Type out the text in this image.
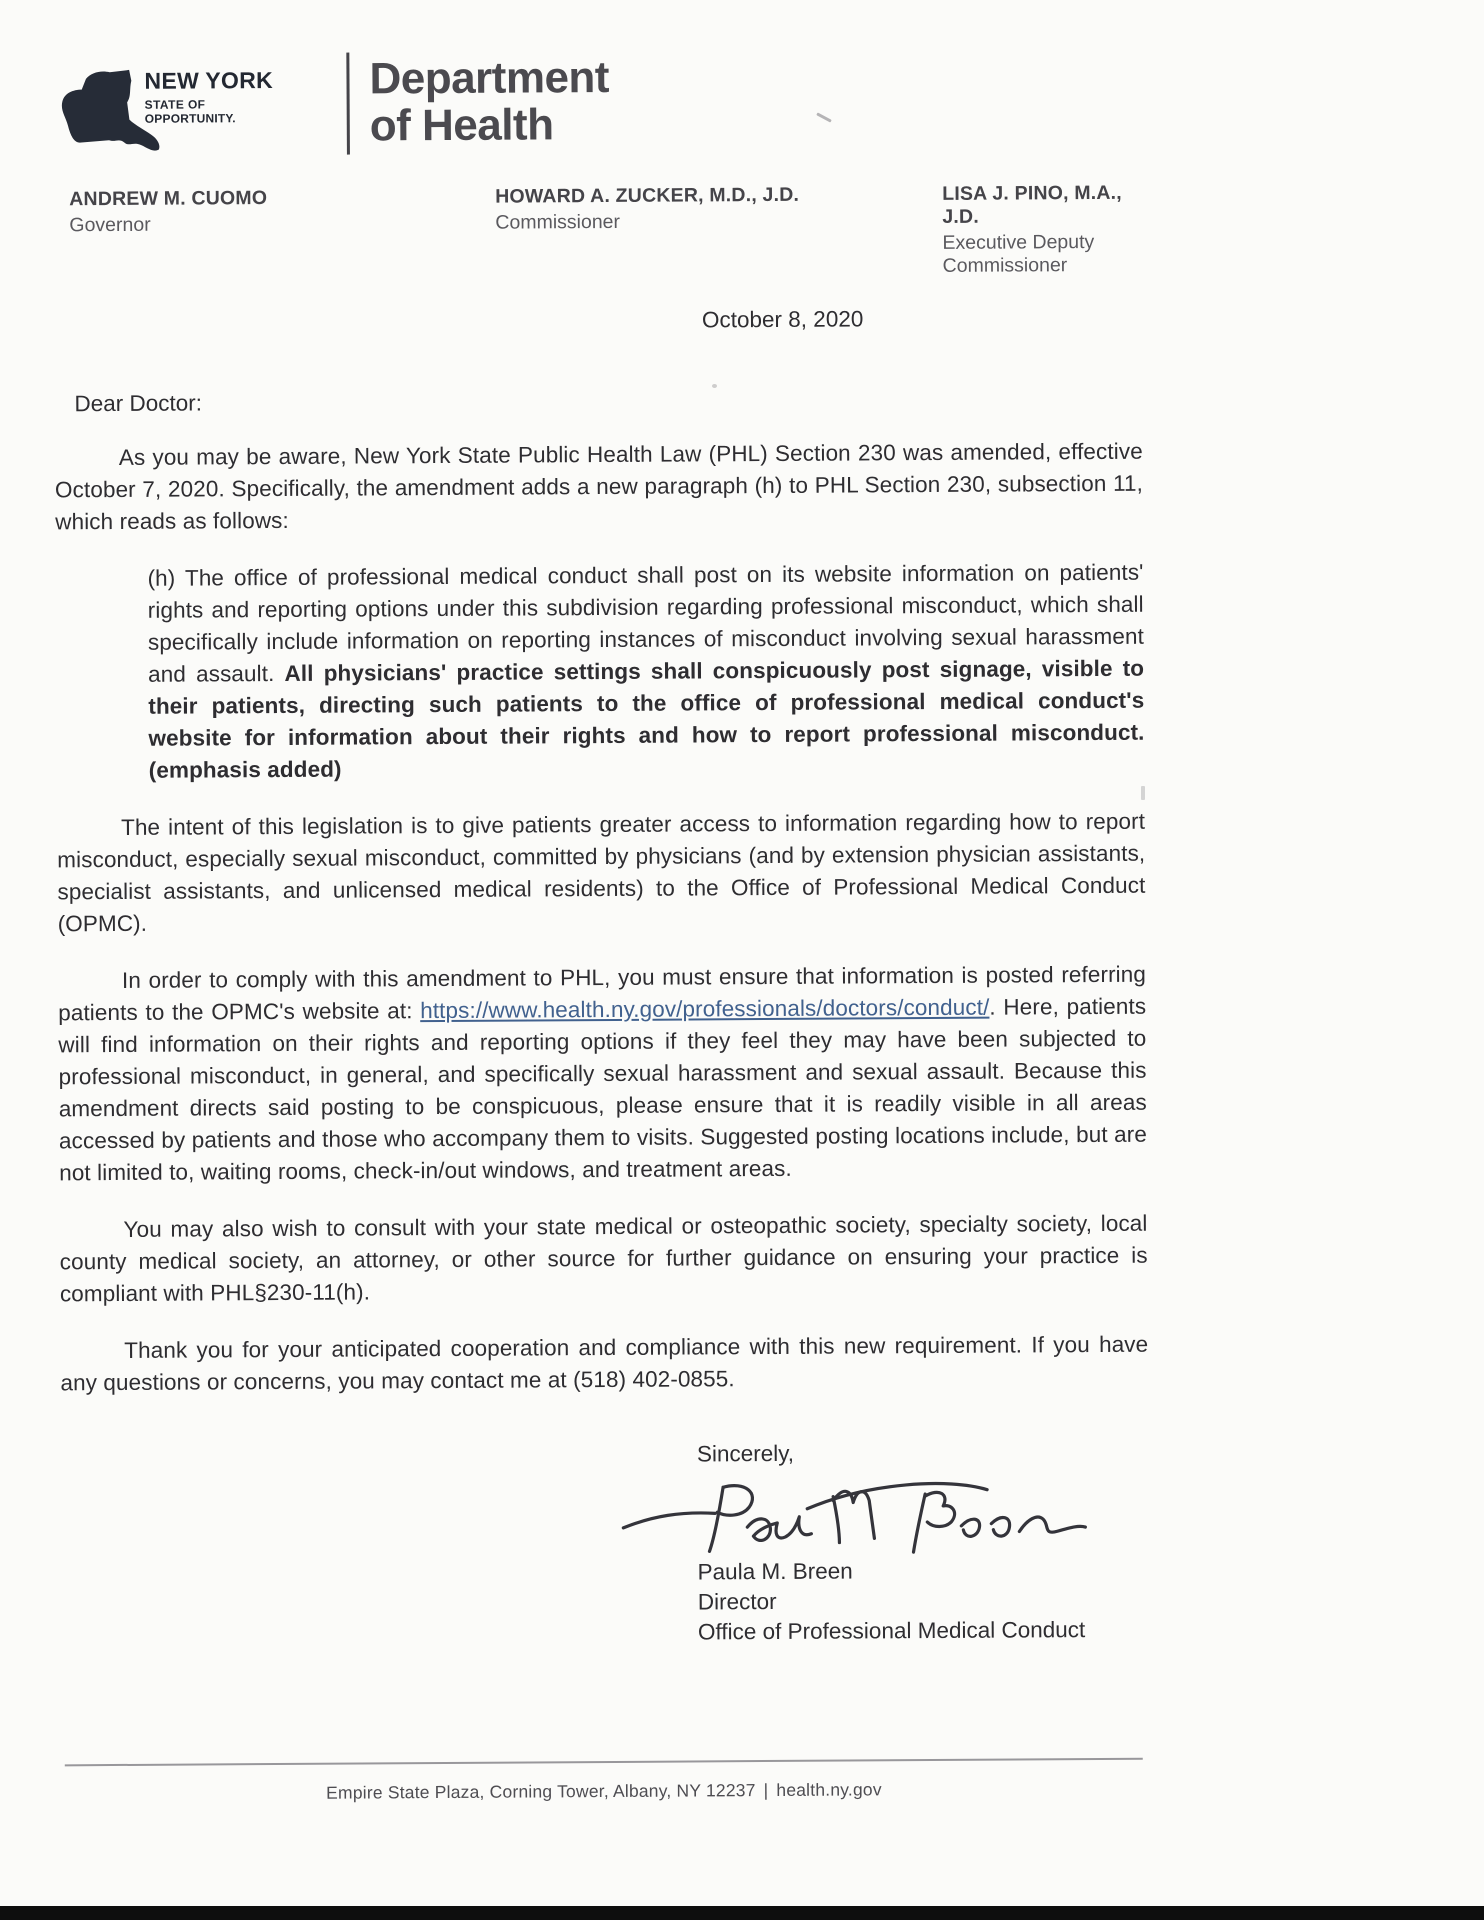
NEW YORK
STATE OF
OPPORTUNITY.
Department
of Health
ANDREW M. CUOMO
Governor
HOWARD A. ZUCKER, M.D., J.D.
Commissioner
LISA J. PINO, M.A., J.D.
Executive Deputy Commissioner
October 8, 2020
Dear Doctor:

As you may be aware, New York State Public Health Law (PHL) Section 230 was amended, effective October 7, 2020. Specifically, the amendment adds a new paragraph (h) to PHL Section 230, subsection 11, which reads as follows:

(h) The office of professional medical conduct shall post on its website information on patients' rights and reporting options under this subdivision regarding professional misconduct, which shall specifically include information on reporting instances of misconduct involving sexual harassment and assault. All physicians' practice settings shall conspicuously post signage, visible to their patients, directing such patients to the office of professional medical conduct's website for information about their rights and how to report professional misconduct. (emphasis added)

The intent of this legislation is to give patients greater access to information regarding how to report misconduct, especially sexual misconduct, committed by physicians (and by extension physician assistants, specialist assistants, and unlicensed medical residents) to the Office of Professional Medical Conduct (OPMC).

In order to comply with this amendment to PHL, you must ensure that information is posted referring patients to the OPMC's website at: https://www.health.ny.gov/professionals/doctors/conduct/. Here, patients will find information on their rights and reporting options if they feel they may have been subjected to professional misconduct, in general, and specifically sexual harassment and sexual assault. Because this amendment directs said posting to be conspicuous, please ensure that it is readily visible in all areas accessed by patients and those who accompany them to visits. Suggested posting locations include, but are not limited to, waiting rooms, check-in/out windows, and treatment areas.

You may also wish to consult with your state medical or osteopathic society, specialty society, local county medical society, an attorney, or other source for further guidance on ensuring your practice is compliant with PHL§230-11(h).

Thank you for your anticipated cooperation and compliance with this new requirement. If you have any questions or concerns, you may contact me at (518) 402-0855.

Sincerely,
Paula M. Breen
Director
Office of Professional Medical Conduct
Empire State Plaza, Corning Tower, Albany, NY 12237 | health.ny.gov
